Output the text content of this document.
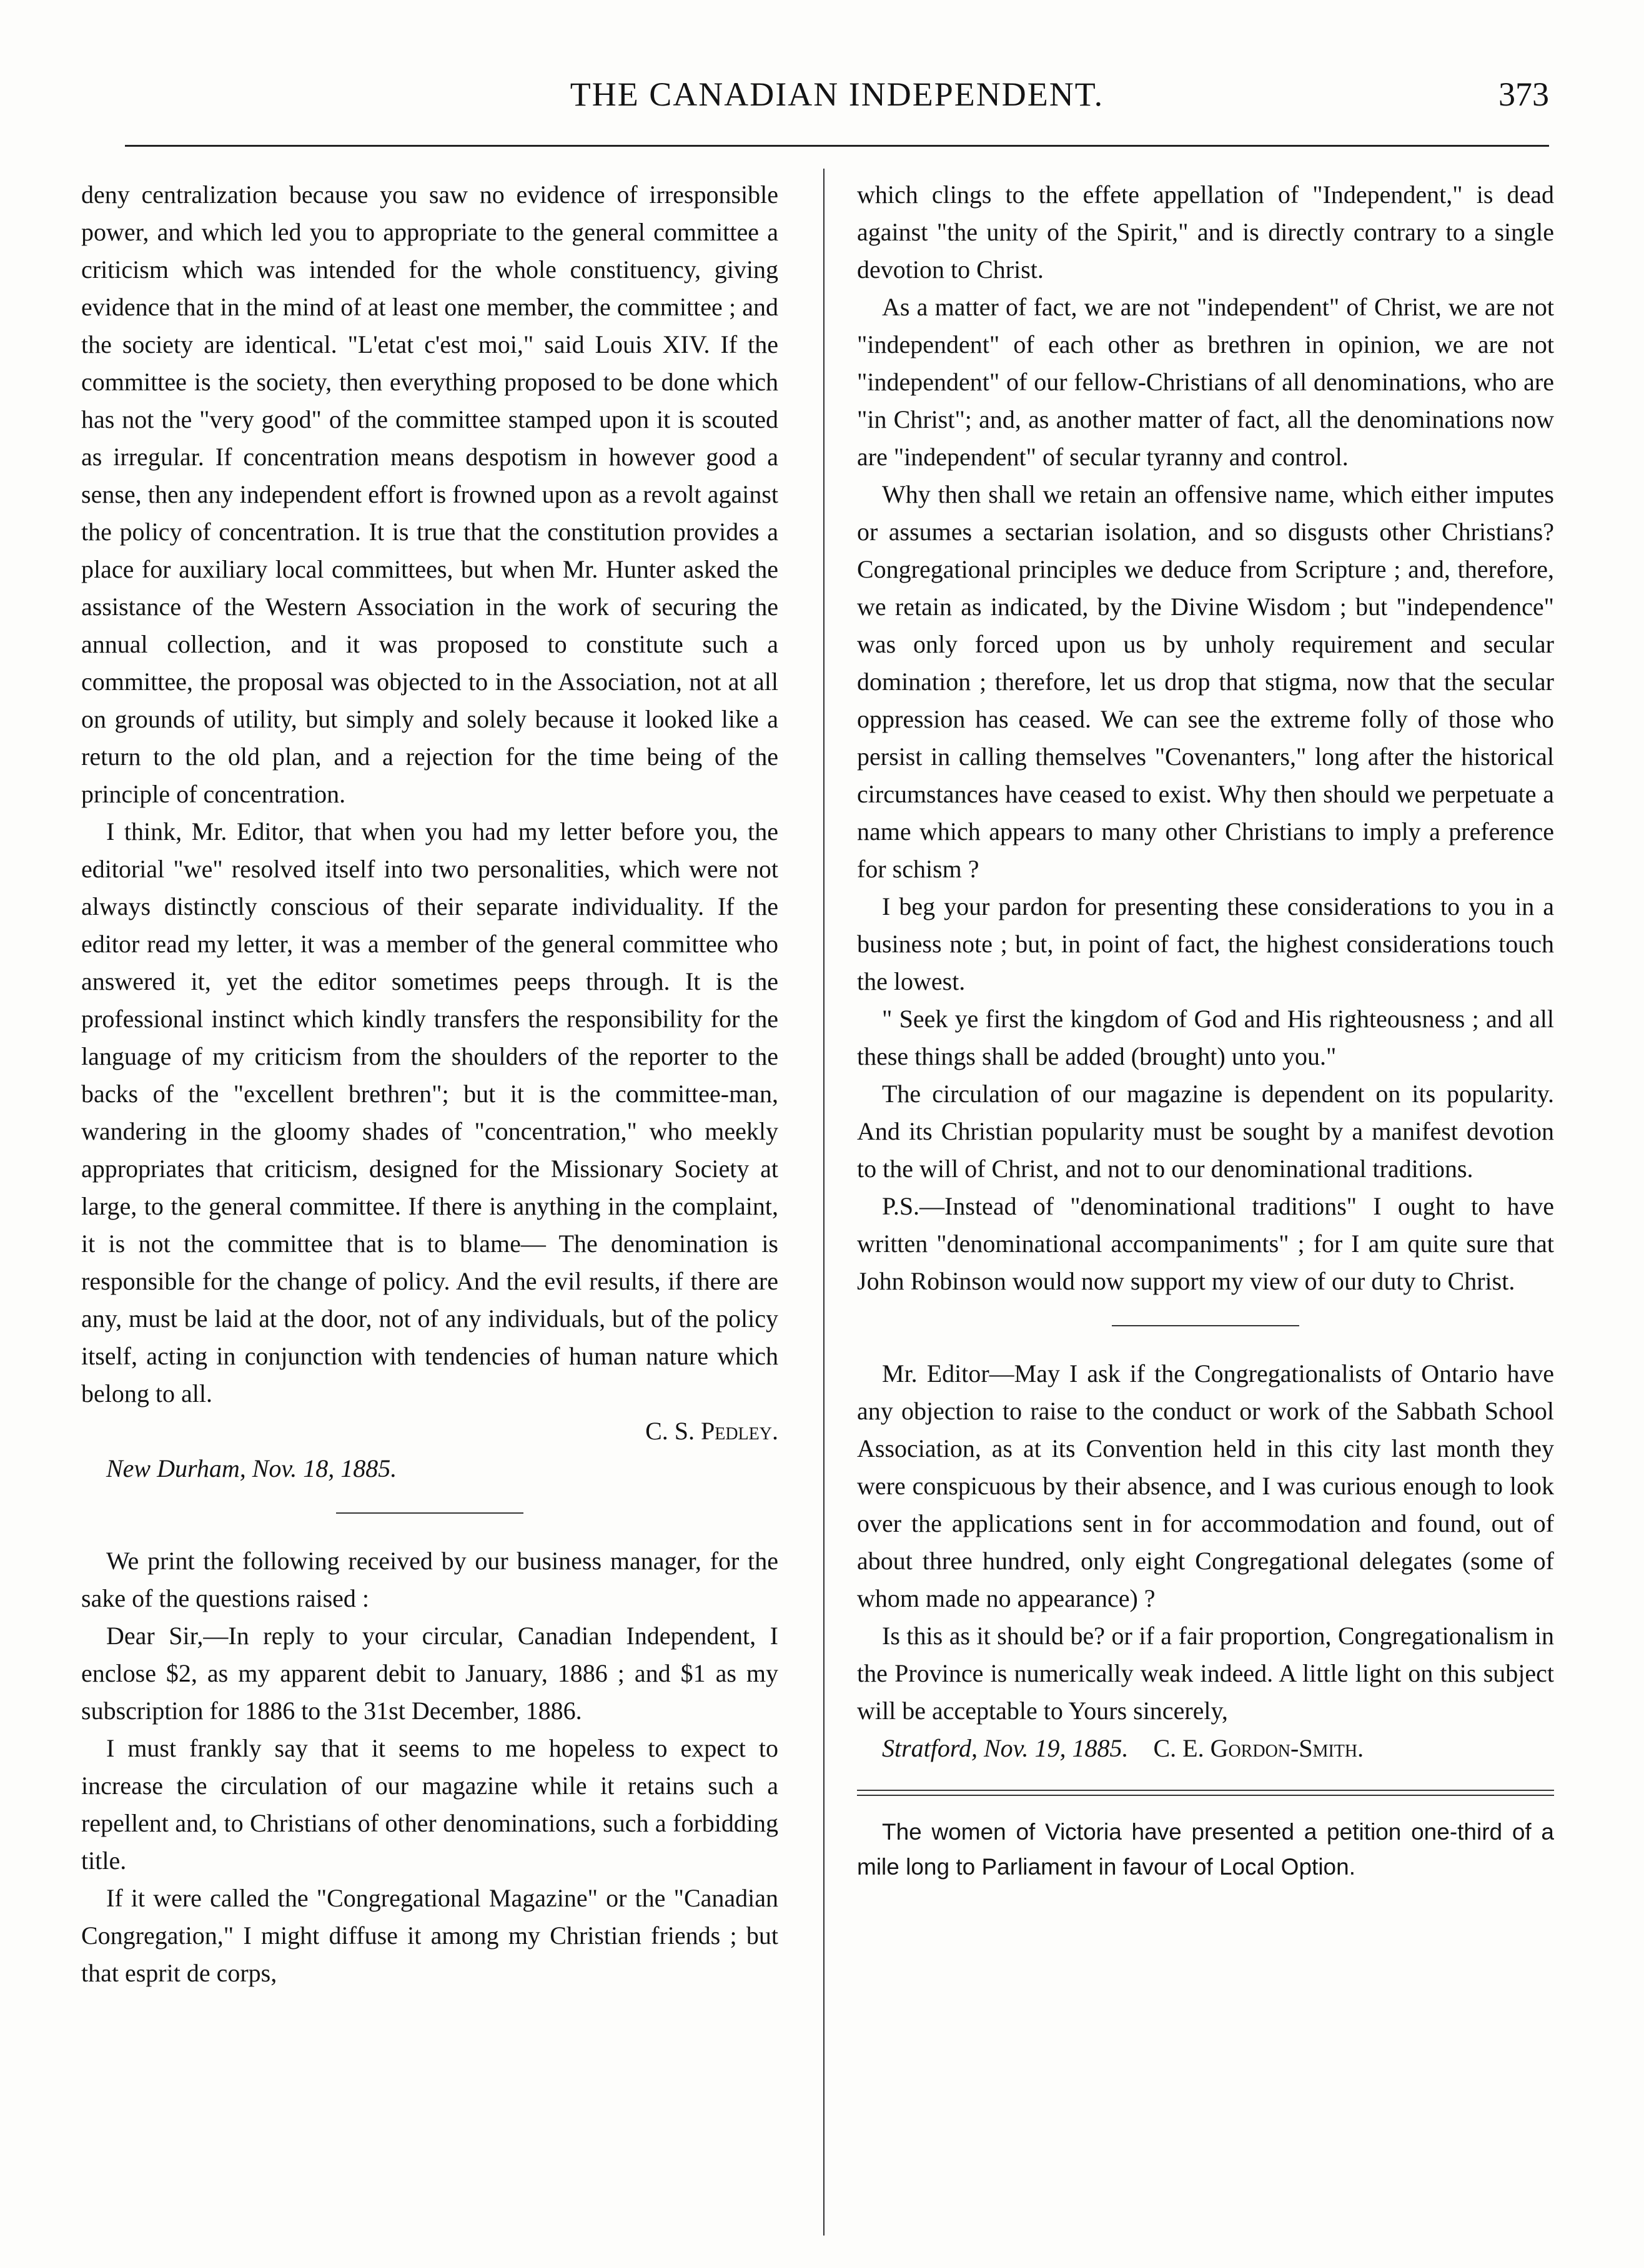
THE CANADIAN INDEPENDENT.	373

deny centralization because you saw no evidence of irresponsible power, and which led you to appropriate to the general committee a criticism which was intended for the whole constituency, giving evidence that in the mind of at least one member, the committee ; and the society are identical. "L'etat c'est moi," said Louis XIV. If the committee is the society, then everything proposed to be done which has not the "very good" of the committee stamped upon it is scouted as irregular. If concentration means despotism in however good a sense, then any independent effort is frowned upon as a revolt against the policy of concentration. It is true that the constitution provides a place for auxiliary local committees, but when Mr. Hunter asked the assistance of the Western Association in the work of securing the annual collection, and it was proposed to constitute such a committee, the proposal was objected to in the Association, not at all on grounds of utility, but simply and solely because it looked like a return to the old plan, and a rejection for the time being of the principle of concentration.

I think, Mr. Editor, that when you had my letter before you, the editorial "we" resolved itself into two personalities, which were not always distinctly conscious of their separate individuality. If the editor read my letter, it was a member of the general committee who answered it, yet the editor sometimes peeps through. It is the professional instinct which kindly transfers the responsibility for the language of my criticism from the shoulders of the reporter to the backs of the "excellent brethren"; but it is the committee-man, wandering in the gloomy shades of "concentration," who meekly appropriates that criticism, designed for the Missionary Society at large, to the general committee. If there is anything in the complaint, it is not the committee that is to blame— The denomination is responsible for the change of policy. And the evil results, if there are any, must be laid at the door, not of any individuals, but of the policy itself, acting in conjunction with tendencies of human nature which belong to all.

C. S. Pedley.

New Durham, Nov. 18, 1885.

We print the following received by our business manager, for the sake of the questions raised :

Dear Sir,—In reply to your circular, Canadian Independent, I enclose $2, as my apparent debit to January, 1886 ; and $1 as my subscription for 1886 to the 31st December, 1886.

I must frankly say that it seems to me hopeless to expect to increase the circulation of our magazine while it retains such a repellent and, to Christians of other denominations, such a forbidding title.

If it were called the "Congregational Magazine" or the "Canadian Congregation," I might diffuse it among my Christian friends ; but that esprit de corps,

which clings to the effete appellation of "Independent," is dead against "the unity of the Spirit," and is directly contrary to a single devotion to Christ.

As a matter of fact, we are not "independent" of Christ, we are not "independent" of each other as brethren in opinion, we are not "independent" of our fellow-Christians of all denominations, who are "in Christ"; and, as another matter of fact, all the denominations now are "independent" of secular tyranny and control.

Why then shall we retain an offensive name, which either imputes or assumes a sectarian isolation, and so disgusts other Christians? Congregational principles we deduce from Scripture ; and, therefore, we retain as indicated, by the Divine Wisdom ; but "independence" was only forced upon us by unholy requirement and secular domination ; therefore, let us drop that stigma, now that the secular oppression has ceased. We can see the extreme folly of those who persist in calling themselves "Covenanters," long after the historical circumstances have ceased to exist. Why then should we perpetuate a name which appears to many other Christians to imply a preference for schism ?

I beg your pardon for presenting these considerations to you in a business note ; but, in point of fact, the highest considerations touch the lowest.

" Seek ye first the kingdom of God and His righteousness ; and all these things shall be added (brought) unto you."

The circulation of our magazine is dependent on its popularity. And its Christian popularity must be sought by a manifest devotion to the will of Christ, and not to our denominational traditions.

P.S.—Instead of "denominational traditions" I ought to have written "denominational accompaniments" ; for I am quite sure that John Robinson would now support my view of our duty to Christ.

Mr. Editor—May I ask if the Congregationalists of Ontario have any objection to raise to the conduct or work of the Sabbath School Association, as at its Convention held in this city last month they were conspicuous by their absence, and I was curious enough to look over the applications sent in for accommodation and found, out of about three hundred, only eight Congregational delegates (some of whom made no appearance) ?

Is this as it should be? or if a fair proportion, Congregationalism in the Province is numerically weak indeed. A little light on this subject will be acceptable to Yours sincerely,

Stratford, Nov. 19, 1885. C. E. Gordon-Smith.

The women of Victoria have presented a petition one-third of a mile long to Parliament in favour of Local Option.
